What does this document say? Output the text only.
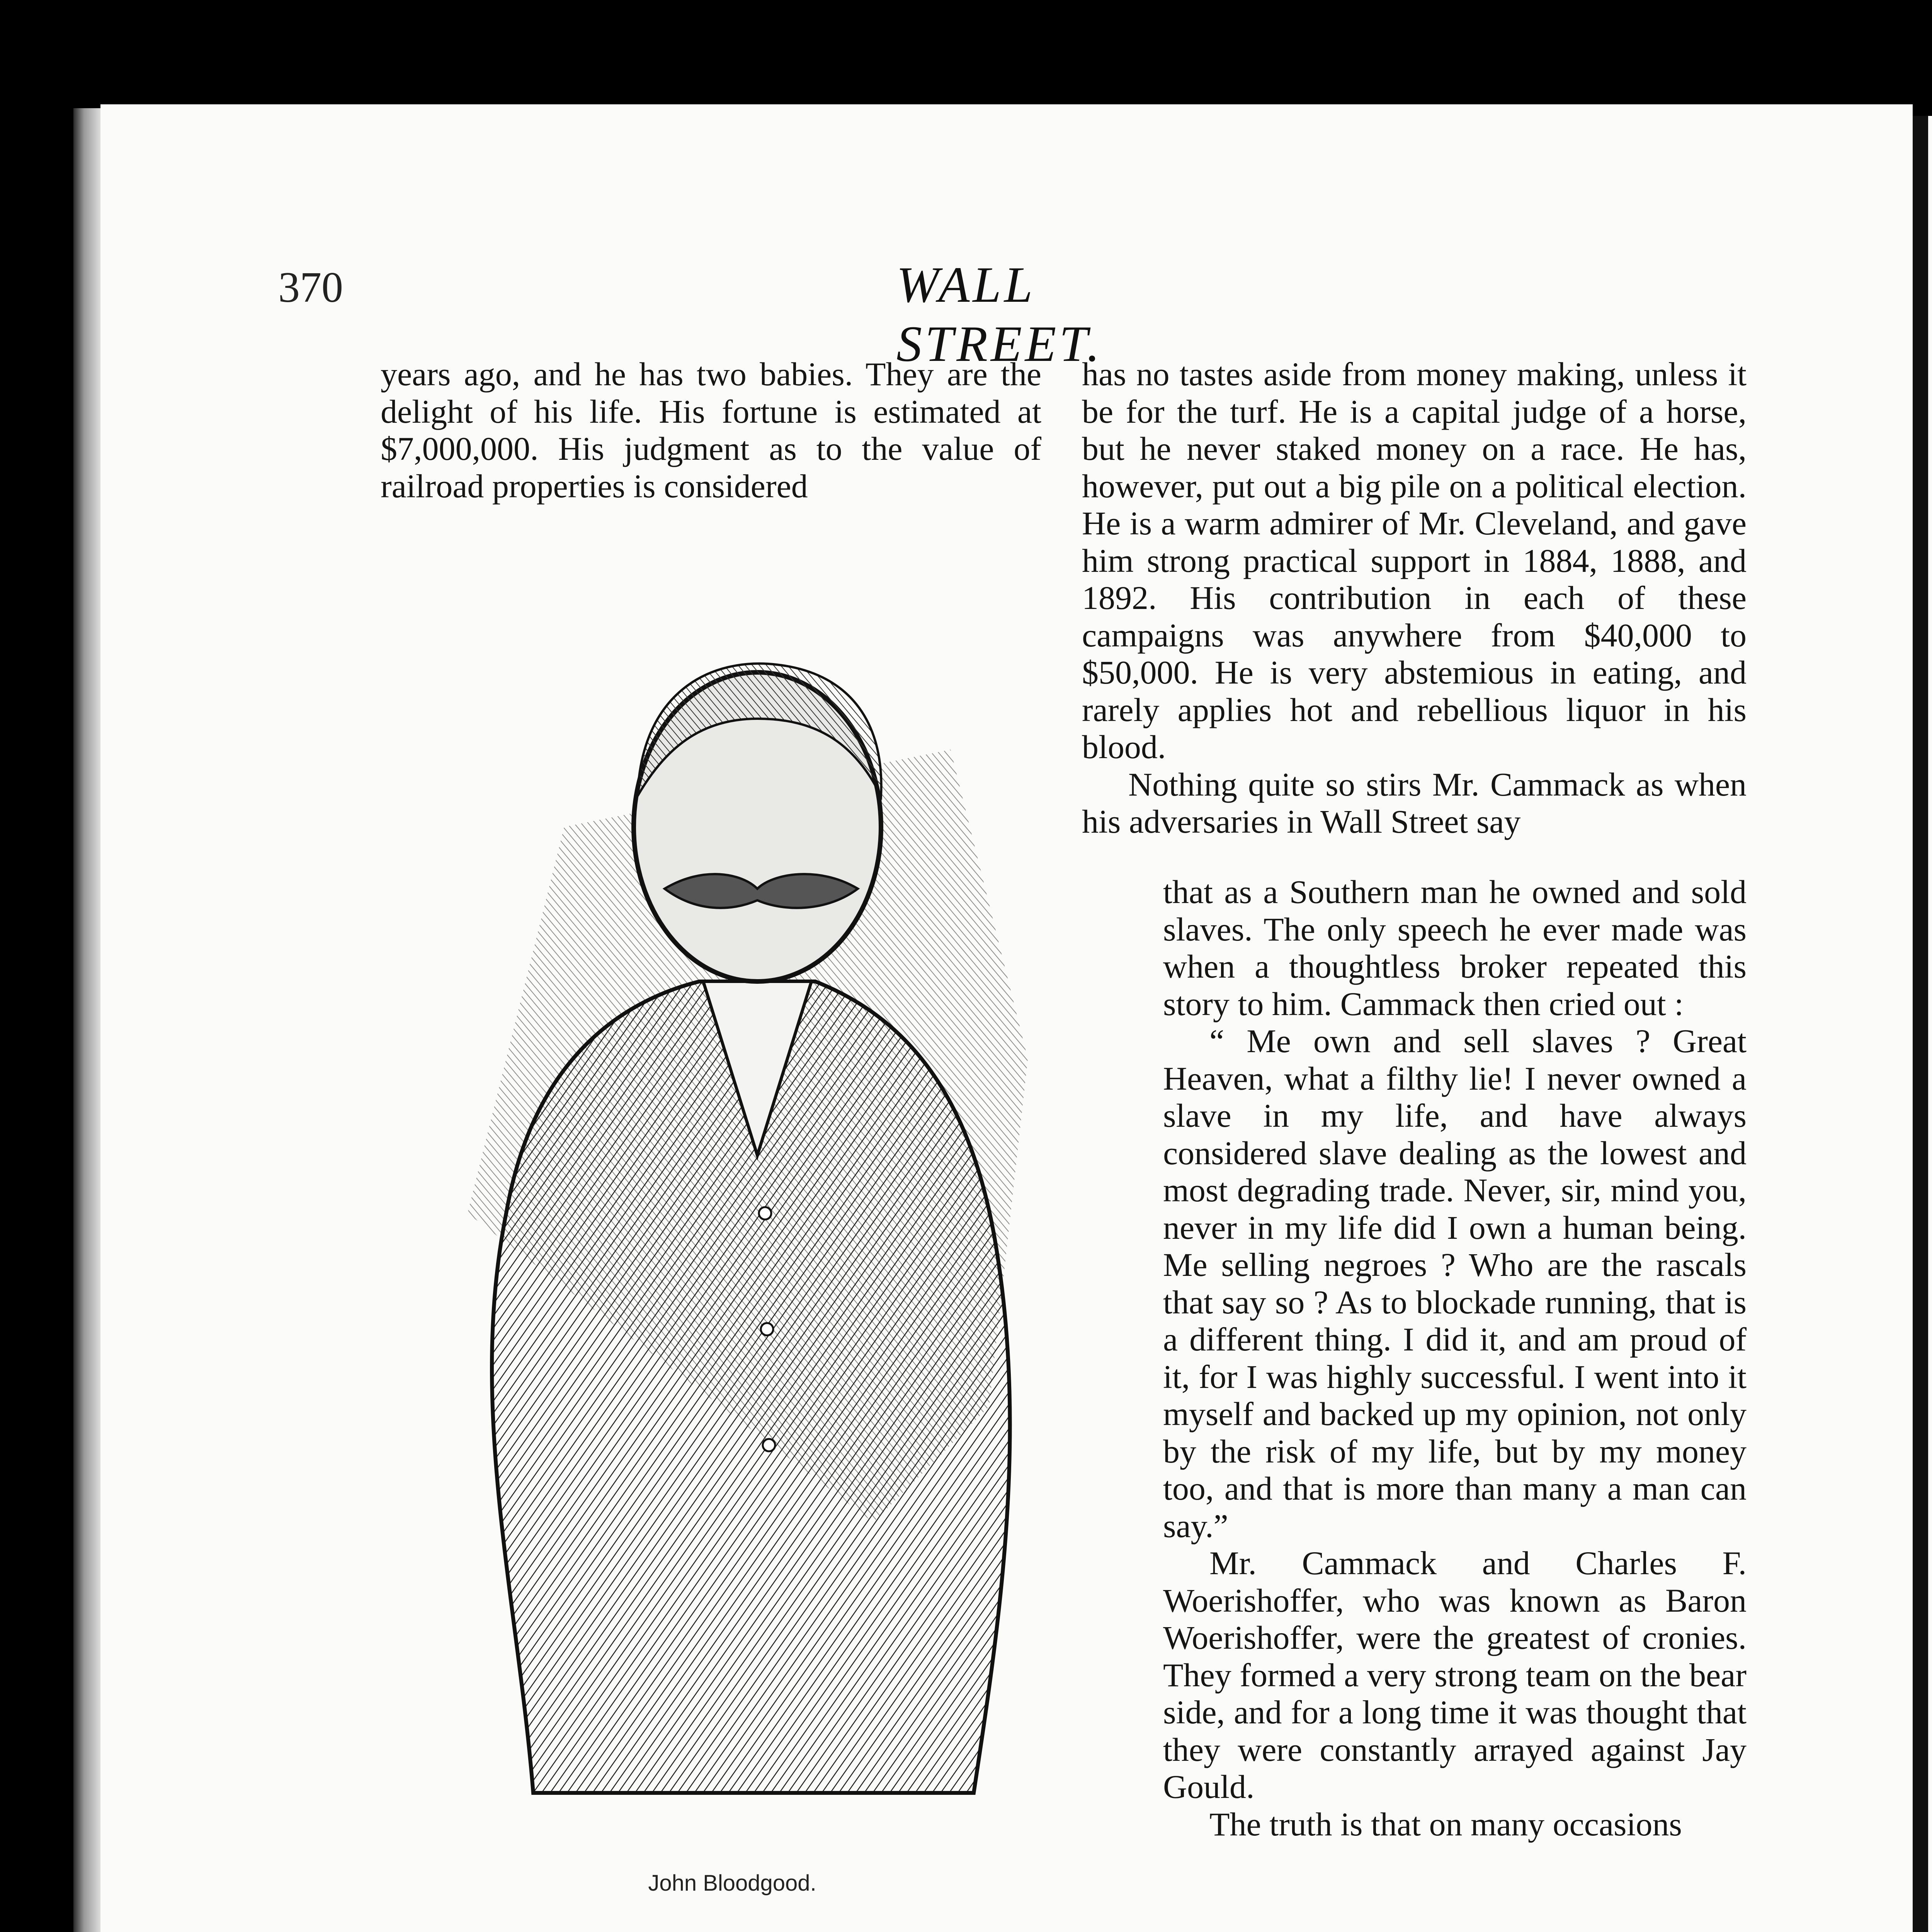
370	WALL STREET.

years ago, and he has two babies. They are the delight of his life. His fortune is estimated at $7,000,000. His judgment as to the value of railroad properties is considered

John Bloodgood.

has no tastes aside from money making, unless it be for the turf. He is a capital judge of a horse, but he never staked money on a race. He has, however, put out a big pile on a political election. He is a warm admirer of Mr. Cleveland, and gave him strong practical support in 1884, 1888, and 1892. His contribution in each of these campaigns was anywhere from $40,000 to $50,000. He is very abstemious in eating, and rarely applies hot and rebellious liquor in his blood.

Nothing quite so stirs Mr. Cammack as when his adversaries in Wall Street say

that as a Southern man he owned and sold slaves. The only speech he ever made was when a thoughtless broker repeated this story to him. Cammack then cried out :

“ Me own and sell slaves ? Great Heaven, what a filthy lie! I never owned a slave in my life, and have always considered slave dealing as the lowest and most degrading trade. Never, sir, mind you, never in my life did I own a human being. Me selling negroes ? Who are the rascals that say so ? As to blockade running, that is a different thing. I did it, and am proud of it, for I was highly successful. I went into it myself and backed up my opinion, not only by the risk of my life, but by my money too, and that is more than many a man can say.”

Mr. Cammack and Charles F. Woerishoffer, who was known as Baron Woerishoffer, were the greatest of cronies. They formed a very strong team on the bear side, and for a long time it was thought that they were constantly arrayed against Jay Gould.

The truth is that on many occasions
